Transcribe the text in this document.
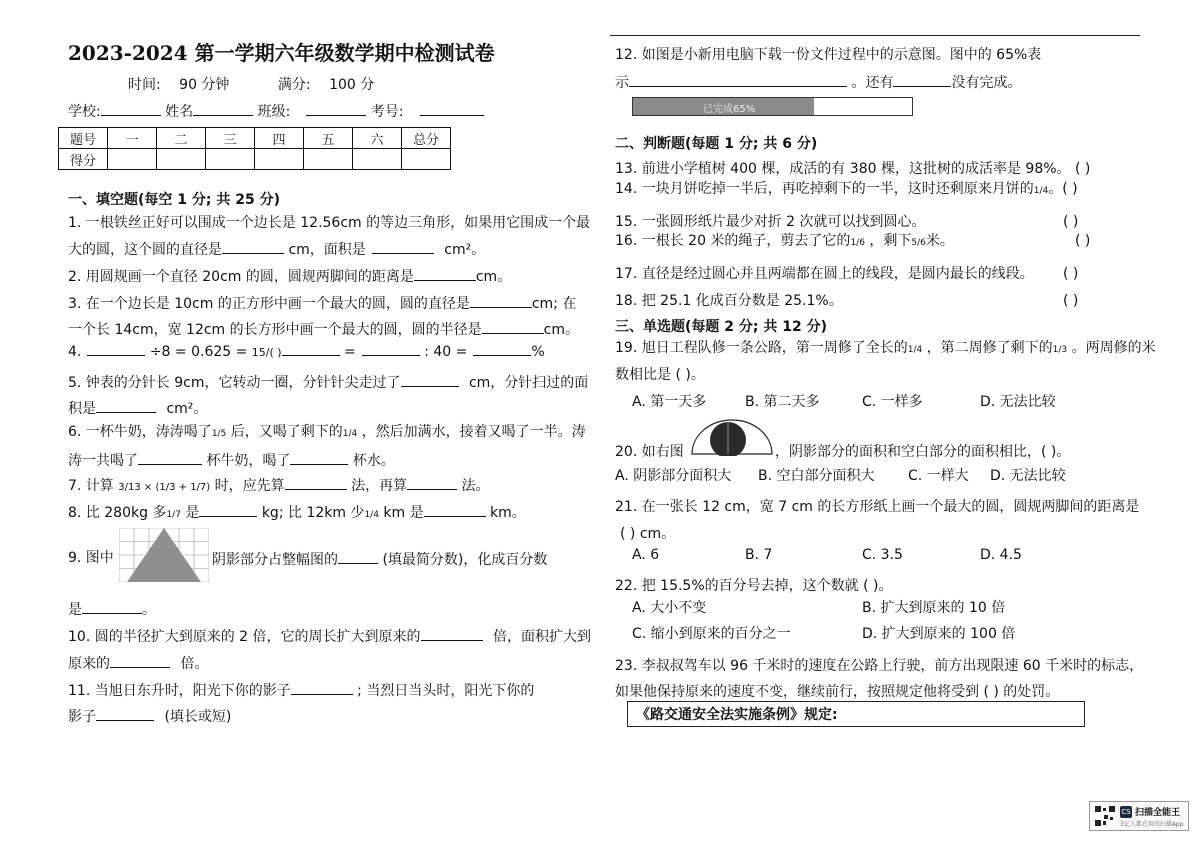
2023-2024 第一学期六年级数学期中检测试卷
时间: 90 分钟	满分: 100 分
学校:	姓名	班级:	考号:
题号	一	二	三	四	五	六	总分
得分							
一、填空题(每空 1 分; 共 25 分)
1. 一根铁丝正好可以围成一个边长是 12.56cm 的等边三角形，如果用它围成一个最
大的圆，这个圆的直径是	cm，面积是	cm²。
2. 用圆规画一个直径 20cm 的圆，圆规两脚间的距离是	cm。
3. 在一个边长是 10cm 的正方形中画一个最大的圆，圆的直径是	cm; 在
一个长 14cm，宽 12cm 的长方形中画一个最大的圆，圆的半径是	cm。
4.	÷8 = 0.625 = 15/( )	=	: 40 =	%
5. 钟表的分针长 9cm，它转动一圈，分针针尖走过了	cm，分针扫过的面
积是	cm²。
6. 一杯牛奶，涛涛喝了1/5 后，又喝了剩下的1/4 ，然后加满水，接着又喝了一半。涛
涛一共喝了	杯牛奶，喝了	杯水。
7. 计算 3/13 × (1/3 + 1/7) 时，应先算	法，再算	法。
8. 比 280kg 多1/7 是	kg; 比 12km 少1/4 km 是	km。
9. 图中	阴影部分占整幅图的	(填最简分数)，化成百分数
是	。
10. 圆的半径扩大到原来的 2 倍，它的周长扩大到原来的	倍，面积扩大到
原来的	倍。
11. 当旭日东升时，阳光下你的影子	; 当烈日当头时，阳光下你的
影子	(填长或短)
12. 如图是小新用电脑下载一份文件过程中的示意图。图中的 65%表
示	。还有	没有完成。
已完成65%
二、判断题(每题 1 分; 共 6 分)
13. 前进小学植树 400 棵，成活的有 380 棵，这批树的成活率是 98%。 ( )
14. 一块月饼吃掉一半后，再吃掉剩下的一半，这时还剩原来月饼的1/4。( )
15. 一张圆形纸片最少对折 2 次就可以找到圆心。	( )
16. 一根长 20 米的绳子，剪去了它的1/6 ，剩下5/6米。	( )
17. 直径是经过圆心并且两端都在圆上的线段，是圆内最长的线段。 ( )
18. 把 25.1 化成百分数是 25.1%。	( )
三、单选题(每题 2 分; 共 12 分)
19. 旭日工程队修一条公路，第一周修了全长的1/4 ，第二周修了剩下的1/3 。两周修的米
数相比是 ( )。
A. 第一天多	B. 第二天多	C. 一样多	D. 无法比较
20. 如右图	，阴影部分的面积和空白部分的面积相比，( )。
A. 阴影部分面积大 B. 空白部分面积大 C. 一样大 D. 无法比较
21. 在一张长 12 cm，宽 7 cm 的长方形纸上画一个最大的圆，圆规两脚间的距离是
( ) cm。
A. 6	B. 7	C. 3.5	D. 4.5
22. 把 15.5%的百分号去掉，这个数就 ( )。
A. 大小不变	B. 扩大到原来的 10 倍
C. 缩小到原来的百分之一	D. 扩大到原来的 100 倍
23. 李叔叔驾车以 96 千米时的速度在公路上行驶，前方出现限速 60 千米时的标志，
如果他保持原来的速度不变，继续前行，按照规定他将受到 ( ) 的处罚。
《路交通安全法实施条例》规定:
CS 扫描全能王
3亿人都在用的扫描App
